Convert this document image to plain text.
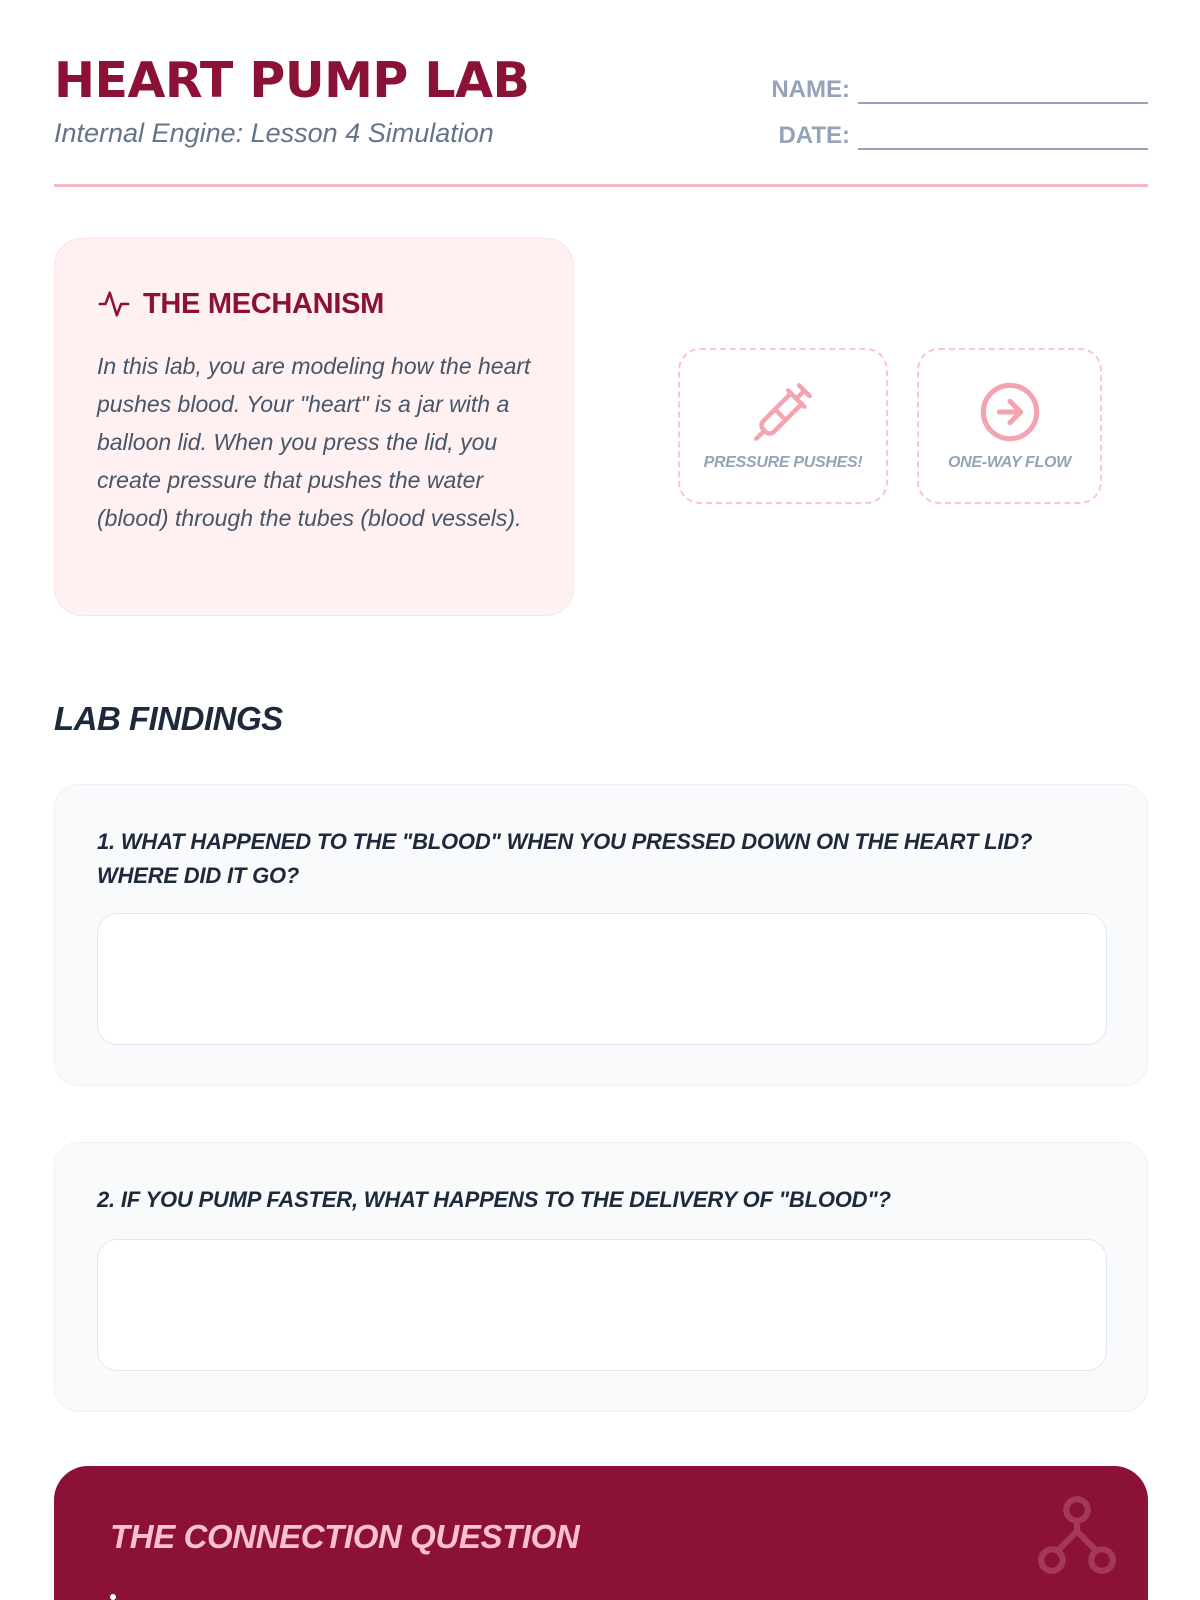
HEART PUMP LAB
Internal Engine: Lesson 4 Simulation
NAME:
DATE:
THE MECHANISM
In this lab, you are modeling how the heart pushes blood. Your "heart" is a jar with a balloon lid. When you press the lid, you create pressure that pushes the water (blood) through the tubes (blood vessels).
PRESSURE PUSHES!	ONE-WAY FLOW
LAB FINDINGS
1. WHAT HAPPENED TO THE "BLOOD" WHEN YOU PRESSED DOWN ON THE HEART LID? WHERE DID IT GO?
2. IF YOU PUMP FASTER, WHAT HAPPENS TO THE DELIVERY OF "BLOOD"?
THE CONNECTION QUESTION
